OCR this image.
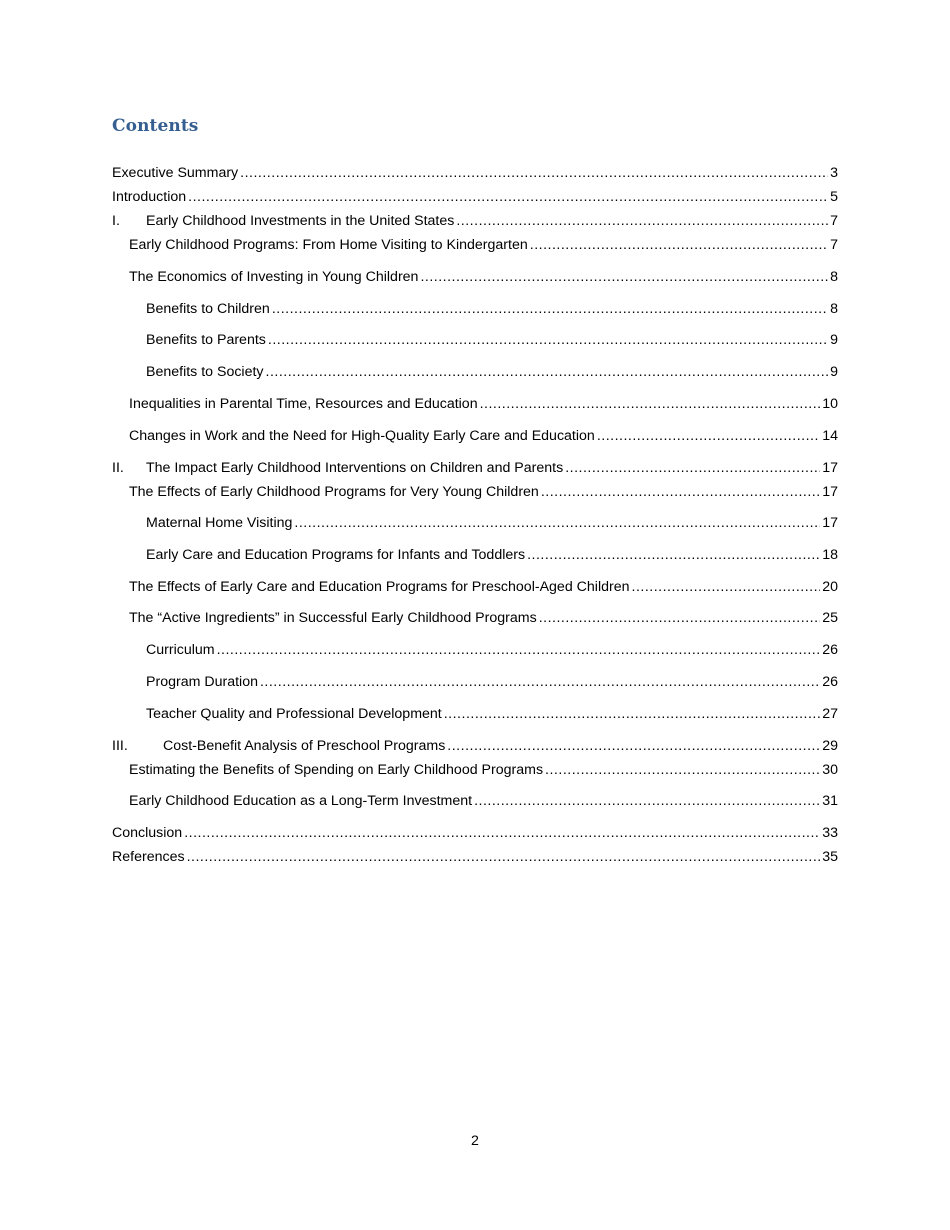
Contents
Executive Summary .....	3
Introduction .....	5
I.	Early Childhood Investments in the United States .....	7
Early Childhood Programs: From Home Visiting to Kindergarten .....	7
The Economics of Investing in Young Children .....	8
Benefits to Children .....	8
Benefits to Parents .....	9
Benefits to Society .....	9
Inequalities in Parental Time, Resources and Education .....	10
Changes in Work and the Need for High-Quality Early Care and Education .....	14
II.	The Impact Early Childhood Interventions on Children and Parents .....	17
The Effects of Early Childhood Programs for Very Young Children .....	17
Maternal Home Visiting .....	17
Early Care and Education Programs for Infants and Toddlers .....	18
The Effects of Early Care and Education Programs for Preschool-Aged Children .....	20
The “Active Ingredients” in Successful Early Childhood Programs .....	25
Curriculum .....	26
Program Duration .....	26
Teacher Quality and Professional Development .....	27
III.	Cost-Benefit Analysis of Preschool Programs .....	29
Estimating the Benefits of Spending on Early Childhood Programs .....	30
Early Childhood Education as a Long-Term Investment .....	31
Conclusion .....	33
References .....	35

2
